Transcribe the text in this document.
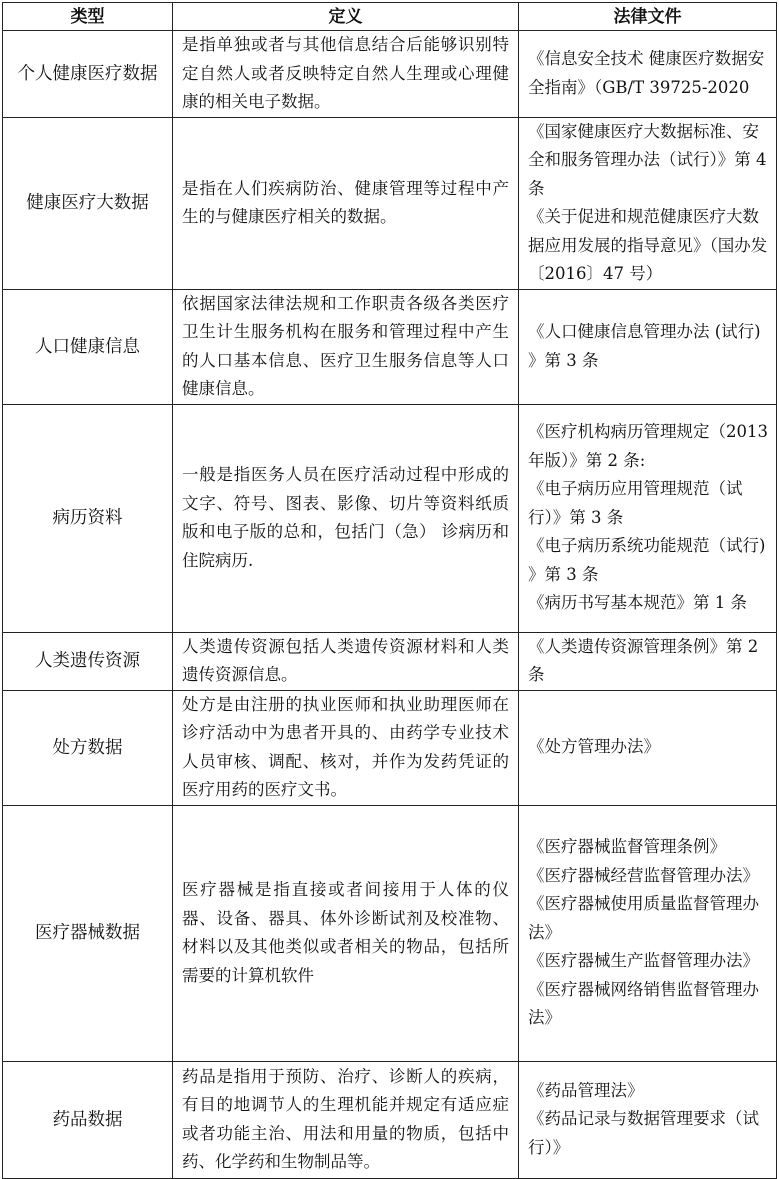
类型	定义	法律文件
个人健康医疗数据	是指单独或者与其他信息结合后能够识别特定自然人或者反映特定自然人生理或心理健康的相关电子数据。	《信息安全技术 健康医疗数据安全指南》（GB/T 39725-2020

健康医疗大数据	是指在人们疾病防治、健康管理等过程中产生的与健康医疗相关的数据。	《国家健康医疗大数据标准、安全和服务管理办法（试行）》第 4 条
《关于促进和规范健康医疗大数据应用发展的指导意见》（国办发〔2016〕47 号）

人口健康信息	依据国家法律法规和工作职责各级各类医疗卫生计生服务机构在服务和管理过程中产生的人口基本信息、医疗卫生服务信息等人口健康信息。	《人口健康信息管理办法 (试行) 》第 3 条

病历资料	一般是指医务人员在医疗活动过程中形成的文字、符号、图表、影像、切片等资料纸质版和电子版的总和，包括门（急） 诊病历和住院病历.	《医疗机构病历管理规定（2013 年版）》第 2 条:
《电子病历应用管理规范（试行）》第 3 条
《电子病历系统功能规范（试行) 》第 3 条
《病历书写基本规范》第 1 条

人类遗传资源	人类遗传资源包括人类遗传资源材料和人类遗传资源信息。	《人类遗传资源管理条例》第 2 条

处方数据	处方是由注册的执业医师和执业助理医师在诊疗活动中为患者开具的、由药学专业技术人员审核、调配、核对，并作为发药凭证的医疗用药的医疗文书。	《处方管理办法》

医疗器械数据	医疗器械是指直接或者间接用于人体的仪器、设备、器具、体外诊断试剂及校准物、材料以及其他类似或者相关的物品，包括所需要的计算机软件	《医疗器械监督管理条例》
《医疗器械经营监督管理办法》
《医疗器械使用质量监督管理办法》
《医疗器械生产监督管理办法》
《医疗器械网络销售监督管理办法》

药品数据	药品是指用于预防、治疗、诊断人的疾病，有目的地调节人的生理机能并规定有适应症或者功能主治、用法和用量的物质，包括中药、化学药和生物制品等。	《药品管理法》
《药品记录与数据管理要求（试行）》
